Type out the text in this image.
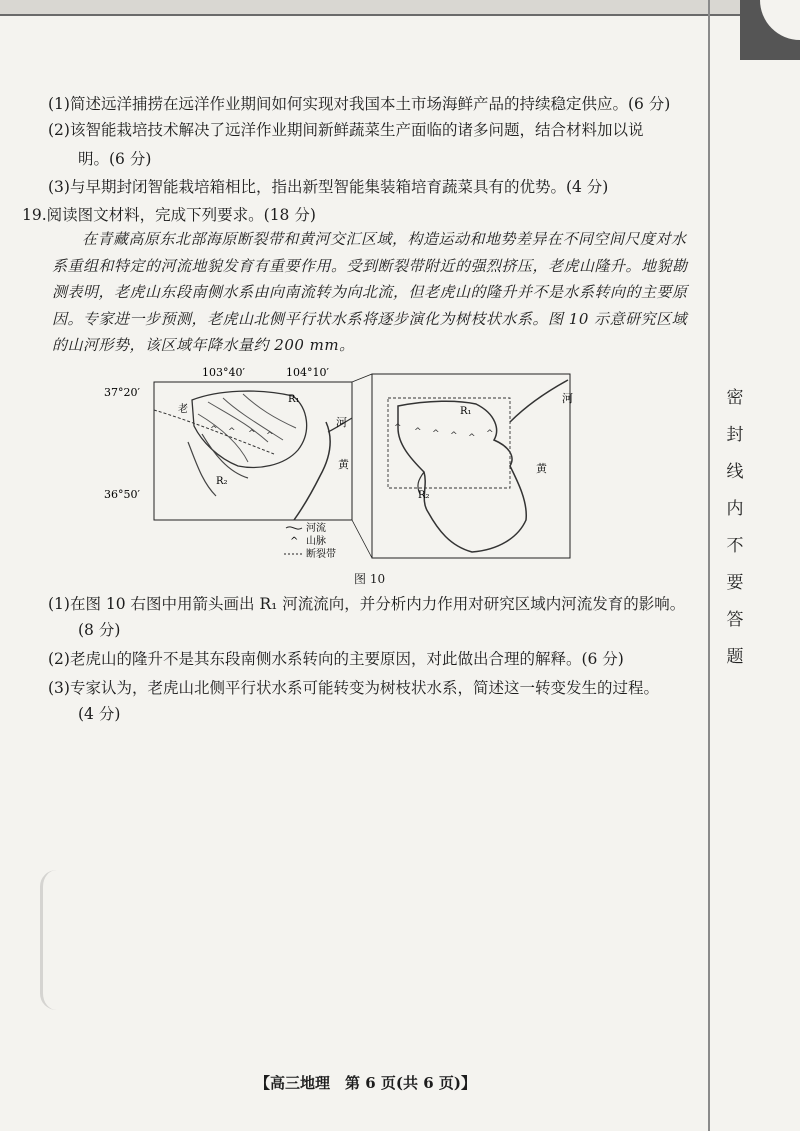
密
封
线
内
不
要
答
题
(1)简述远洋捕捞在远洋作业期间如何实现对我国本土市场海鲜产品的持续稳定供应。(6 分)
(2)该智能栽培技术解决了远洋作业期间新鲜蔬菜生产面临的诸多问题，结合材料加以说
明。(6 分)
(3)与早期封闭智能栽培箱相比，指出新型智能集装箱培育蔬菜具有的优势。(4 分)
19.阅读图文材料，完成下列要求。(18 分)

在青藏高原东北部海原断裂带和黄河交汇区域，构造运动和地势差异在不同空间尺度对水系重组和特定的河流地貌发育有重要作用。受到断裂带附近的强烈挤压，老虎山隆升。地貌勘测表明，老虎山东段南侧水系由向南流转为向北流，但老虎山的隆升并不是水系转向的主要原因。专家进一步预测，老虎山北侧平行状水系将逐步演化为树枝状水系。图 10 示意研究区域的山河形势，该区域年降水量约 200 mm。

103°40′	104°10′
37°20′
36°50′
^ ^ ^ ^
R₁
老
河
黄
R₂
^ ^ ^ ^ ^ ^
R₁
河
黄
R₂
河流
^ 山脉
断裂带
图 10
(1)在图 10 右图中用箭头画出 R₁ 河流流向，并分析内力作用对研究区域内河流发育的影响。
(8 分)
(2)老虎山的隆升不是其东段南侧水系转向的主要原因，对此做出合理的解释。(6 分)
(3)专家认为，老虎山北侧平行状水系可能转变为树枝状水系，简述这一转变发生的过程。
(4 分)
【高三地理　第 6 页(共 6 页)】
